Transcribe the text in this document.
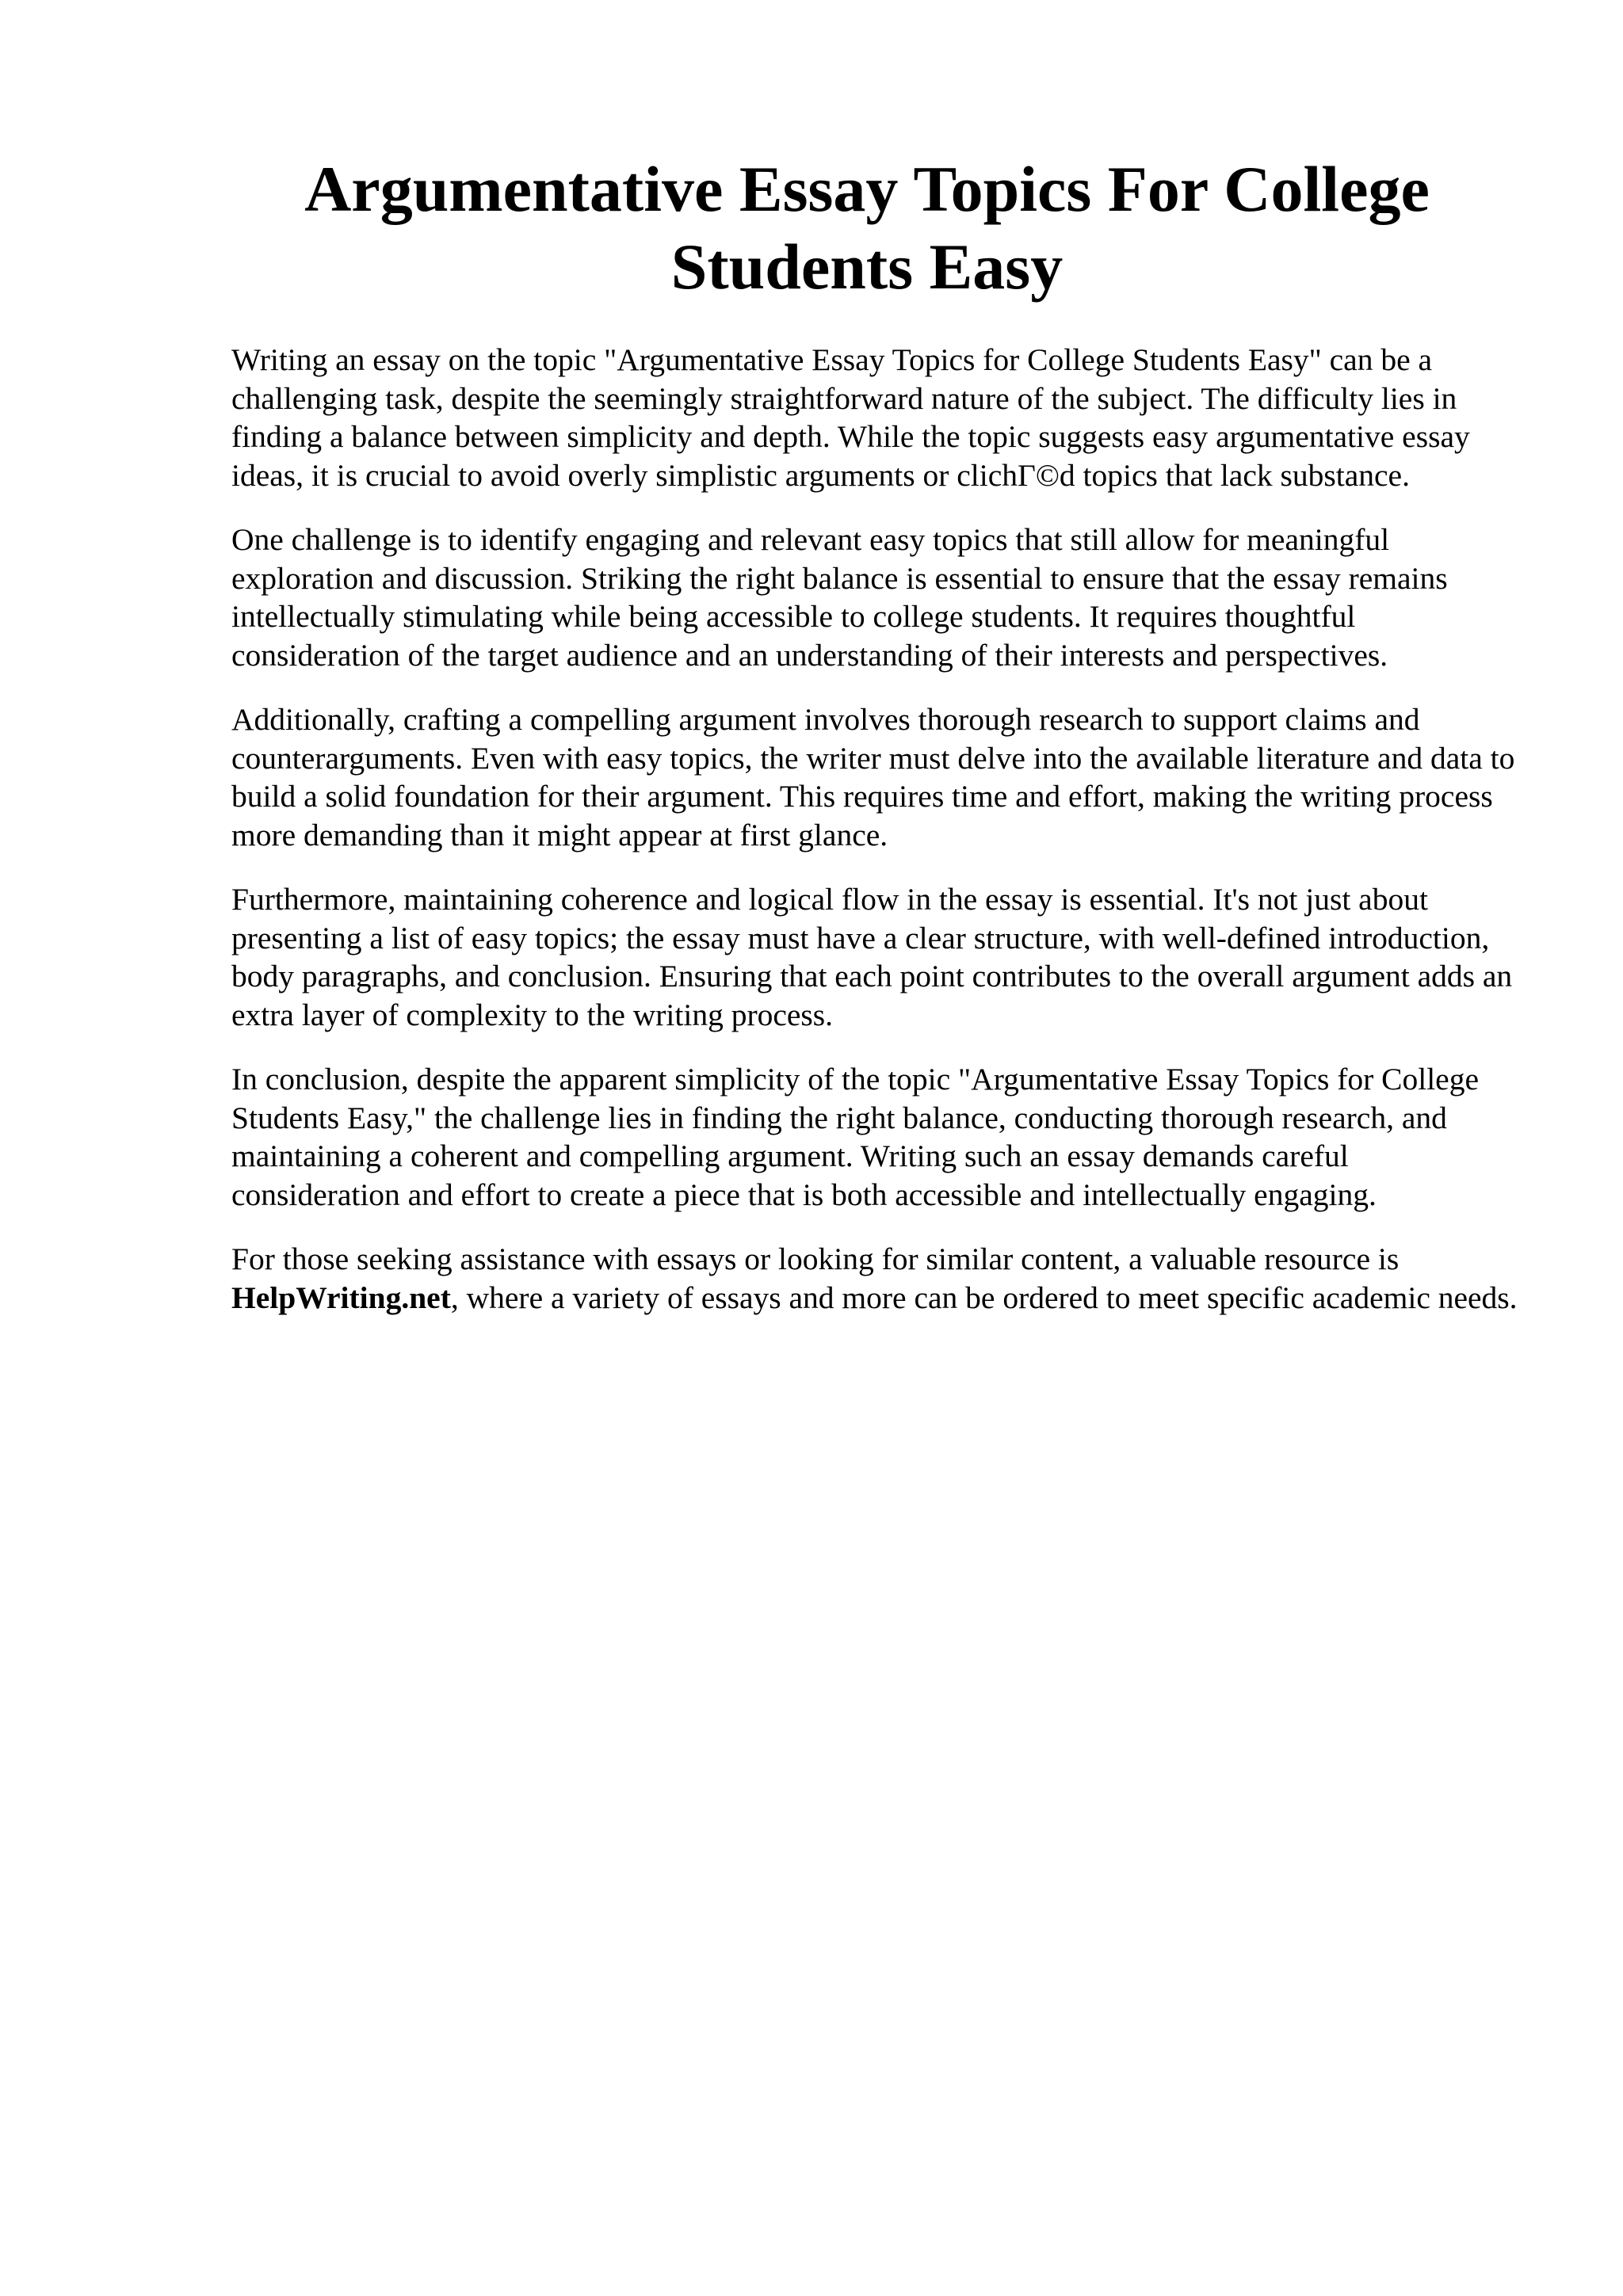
Argumentative Essay Topics For College Students Easy

Writing an essay on the topic "Argumentative Essay Topics for College Students Easy" can be a challenging task, despite the seemingly straightforward nature of the subject. The difficulty lies in finding a balance between simplicity and depth. While the topic suggests easy argumentative essay ideas, it is crucial to avoid overly simplistic arguments or clichГ©d topics that lack substance.

One challenge is to identify engaging and relevant easy topics that still allow for meaningful exploration and discussion. Striking the right balance is essential to ensure that the essay remains intellectually stimulating while being accessible to college students. It requires thoughtful consideration of the target audience and an understanding of their interests and perspectives.

Additionally, crafting a compelling argument involves thorough research to support claims and counterarguments. Even with easy topics, the writer must delve into the available literature and data to build a solid foundation for their argument. This requires time and effort, making the writing process more demanding than it might appear at first glance.

Furthermore, maintaining coherence and logical flow in the essay is essential. It's not just about presenting a list of easy topics; the essay must have a clear structure, with well-defined introduction, body paragraphs, and conclusion. Ensuring that each point contributes to the overall argument adds an extra layer of complexity to the writing process.

In conclusion, despite the apparent simplicity of the topic "Argumentative Essay Topics for College Students Easy," the challenge lies in finding the right balance, conducting thorough research, and maintaining a coherent and compelling argument. Writing such an essay demands careful consideration and effort to create a piece that is both accessible and intellectually engaging.

For those seeking assistance with essays or looking for similar content, a valuable resource is HelpWriting.net, where a variety of essays and more can be ordered to meet specific academic needs.
